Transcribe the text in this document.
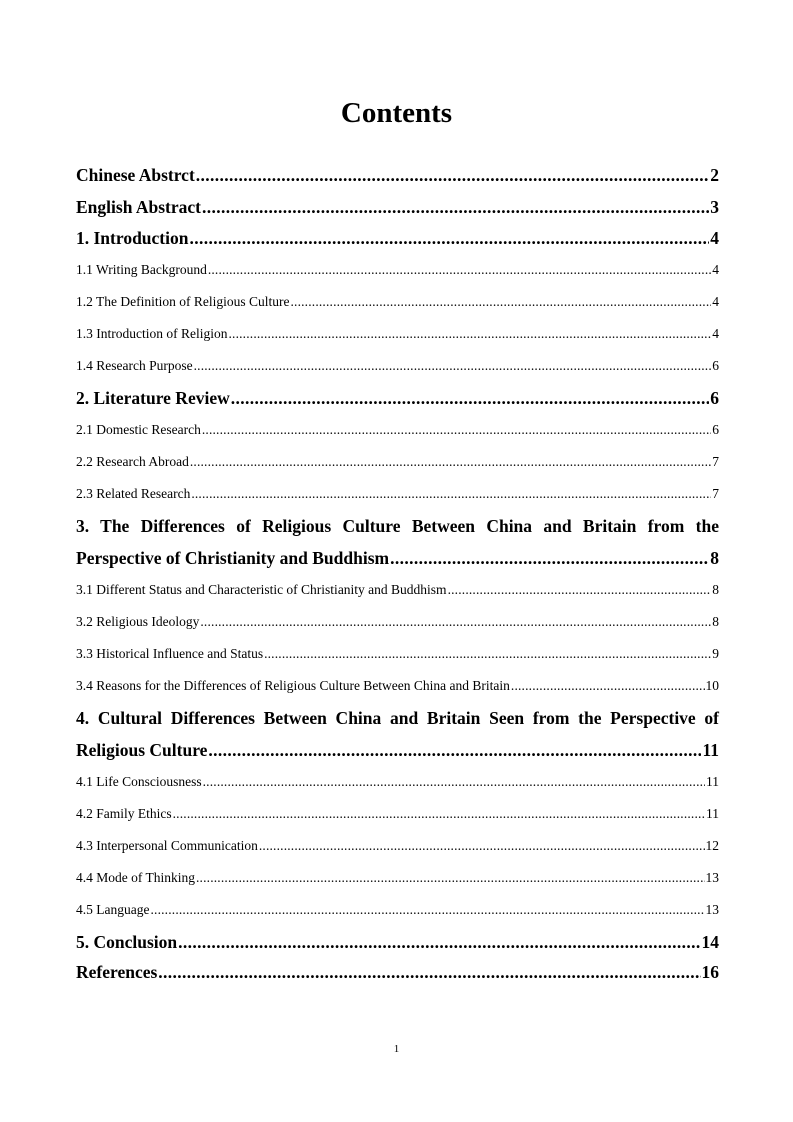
Contents
Chinese Abstrct . . .	2
English Abstract . . .	3
1. Introduction . . .	4
1.1 Writing Background . . .	4
1.2 The Definition of Religious Culture . . .	4
1.3 Introduction of Religion . . .	4
1.4 Research Purpose . . .	6
2. Literature Review . . .	6
2.1 Domestic Research . . .	6
2.2 Research Abroad . . .	7
2.3 Related Research . . .	7
3. The Differences of Religious Culture Between China and Britain from the
Perspective of Christianity and Buddhism . . .	8
3.1 Different Status and Characteristic of Christianity and Buddhism . . .	8
3.2 Religious Ideology . . .	8
3.3 Historical Influence and Status . . .	9
3.4 Reasons for the Differences of Religious Culture Between China and Britain . . .	10
4. Cultural Differences Between China and Britain Seen from the Perspective of
Religious Culture . . .	11
4.1 Life Consciousness . . .	11
4.2 Family Ethics . . .	11
4.3 Interpersonal Communication . . .	12
4.4 Mode of Thinking . . .	13
4.5 Language . . .	13
5. Conclusion . . .	14
References . . .	16
1
